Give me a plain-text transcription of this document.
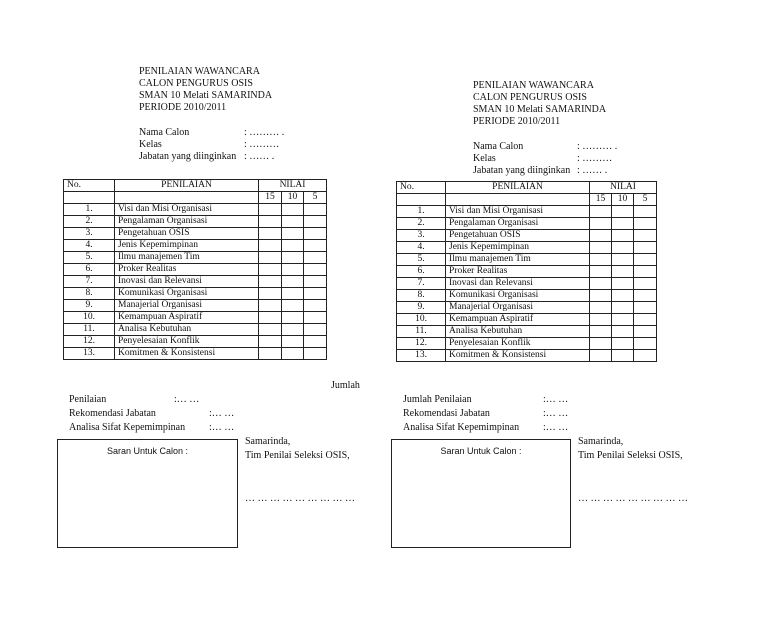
PENILAIAN WAWANCARA
CALON PENGURUS OSIS
SMAN 10 Melati SAMARINDA
PERIODE 2010/2011
Nama Calon	: ……… .
Kelas	: ………
Jabatan yang diinginkan : …… .
No.	PENILAIAN	NILAI		
		15	10	5
1.	Visi dan Misi Organisasi			
2.	Pengalaman Organisasi			
3.	Pengetahuan OSIS			
4.	Jenis Kepemimpinan			
5.	Ilmu manajemen Tim			
6.	Proker Realitas			
7.	Inovasi dan Relevansi			
8.	Komunikasi Organisasi			
9.	Manajerial Organisasi			
10.	Kemampuan Aspiratif			
11.	Analisa Kebutuhan			
12.	Penyelesaian Konflik			
13.	Komitmen & Konsistensi			
Jumlah
Penilaian	:… …
Rekomendasi Jabatan	:… …
Analisa Sifat Kepemimpinan :… …
Saran Untuk Calon :
Samarinda,
Tim Penilai Seleksi OSIS,
… … … … … … … … …
PENILAIAN WAWANCARA
CALON PENGURUS OSIS
SMAN 10 Melati SAMARINDA
PERIODE 2010/2011
Nama Calon	: ……… .
Kelas	: ………
Jabatan yang diinginkan : …… .
No.	PENILAIAN	NILAI		
		15	10	5
1.	Visi dan Misi Organisasi			
2.	Pengalaman Organisasi			
3.	Pengetahuan OSIS			
4.	Jenis Kepemimpinan			
5.	Ilmu manajemen Tim			
6.	Proker Realitas			
7.	Inovasi dan Relevansi			
8.	Komunikasi Organisasi			
9.	Manajerial Organisasi			
10.	Kemampuan Aspiratif			
11.	Analisa Kebutuhan			
12.	Penyelesaian Konflik			
13.	Komitmen & Konsistensi			
Jumlah Penilaian	:… …
Rekomendasi Jabatan	:… …
Analisa Sifat Kepemimpinan :… …
Saran Untuk Calon :
Samarinda,
Tim Penilai Seleksi OSIS,
… … … … … … … … …
